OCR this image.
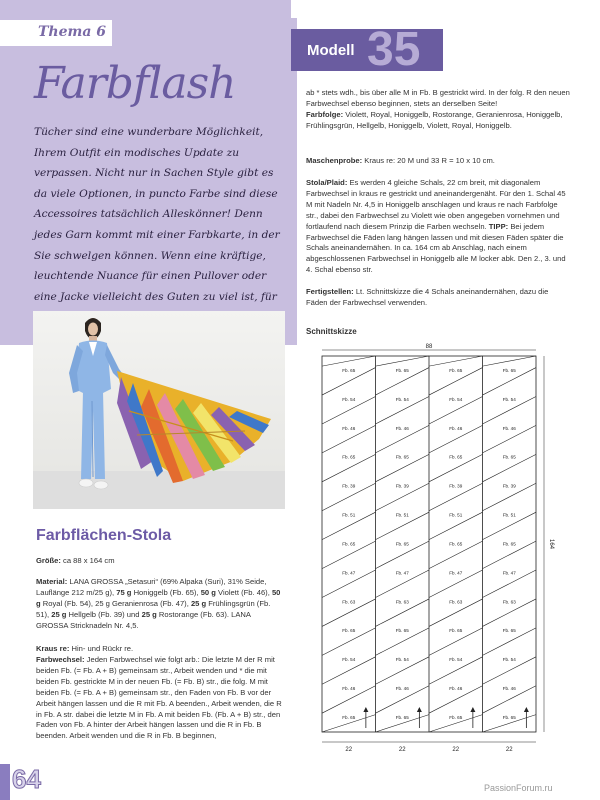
Thema 6
Farbflash
Tücher sind eine wunderbare Möglichkeit, Ihrem Outfit ein modisches Update zu verpassen. Nicht nur in Sachen Style gibt es da viele Optionen, in puncto Farbe sind diese Accessoires tatsächlich Alleskönner! Denn jedes Garn kommt mit einer Farbkarte, in der Sie schwelgen können. Wenn eine kräftige, leuchtende Nuance für einen Pullover oder eine Jacke vielleicht des Guten zu viel ist, für
Farbflächen-Stola
Größe: ca 88 x 164 cm
Material: LANA GROSSA „Setasuri“ (69% Alpaka (Suri), 31% Seide, Lauflänge 212 m/25 g), 75 g Honiggelb (Fb. 65), 50 g Violett (Fb. 46), 50 g Royal (Fb. 54), 25 g Geranienrosa (Fb. 47), 25 g Frühlingsgrün (Fb. 51), 25 g Hellgelb (Fb. 39) und 25 g Rostorange (Fb. 63). LANA GROSSA Stricknadeln Nr. 4,5.
Kraus re: Hin- und Rückr re.
Farbwechsel: Jeden Farbwechsel wie folgt arb.: Die letzte M der R mit beiden Fb. (= Fb. A + B) gemeinsam str., Arbeit wenden und * die mit beiden Fb. gestrickte M in der neuen Fb. (= Fb. B) str., die folg. M mit beiden Fb. (= Fb. A + B) gemeinsam str., den Faden von Fb. B vor der Arbeit hängen lassen und die R mit Fb. A beenden., Arbeit wenden, die R in Fb. A str. dabei die letzte M in Fb. A mit beiden Fb. (Fb. A + B) str., den Faden von Fb. A hinter der Arbeit hängen lassen und die R in Fb. B beenden. Arbeit wenden und die R in Fb. B beginnen,
64
Modell 35
ab * stets wdh., bis über alle M in Fb. B gestrickt wird. In der folg. R den neuen Farbwechsel ebenso beginnen, stets an derselben Seite!
Farbfolge: Violett, Royal, Honiggelb, Rostorange, Geranienrosa, Honiggelb, Frühlingsgrün, Hellgelb, Honiggelb, Violett, Royal, Honiggelb.
Maschenprobe: Kraus re: 20 M und 33 R = 10 x 10 cm.
Stola/Plaid: Es werden 4 gleiche Schals, 22 cm breit, mit diagonalem Farbwechsel in kraus re gestrickt und aneinandergenäht. Für den 1. Schal 45 M mit Nadeln Nr. 4,5 in Honiggelb anschlagen und kraus re nach Farbfolge str., dabei den Farbwechsel zu Violett wie oben angegeben vornehmen und fortlaufend nach diesem Prinzip die Farben wechseln. TIPP: Bei jedem Farbwechsel die Fäden lang hängen lassen und mit diesen Fäden später die Schals aneinandernähen. In ca. 164 cm ab Anschlag, nach einem abgeschlossenen Farbwechsel in Honiggelb alle M locker abk. Den 2., 3. und 4. Schal ebenso str.
Fertigstellen: Lt. Schnittskizze die 4 Schals aneinandernähen, dazu die Fäden der Farbwechsel verwenden.
Schnittskizze
Fb. 65
Fb. 54
Fb. 46
Fb. 65
Fb. 39
Fb. 51
Fb. 65
Fb. 47
Fb. 63
Fb. 65
Fb. 54
Fb. 46
Fb. 65
22
Fb. 65
Fb. 54
Fb. 46
Fb. 65
Fb. 39
Fb. 51
Fb. 65
Fb. 47
Fb. 63
Fb. 65
Fb. 54
Fb. 46
Fb. 65
22
Fb. 65
Fb. 54
Fb. 46
Fb. 65
Fb. 39
Fb. 51
Fb. 65
Fb. 47
Fb. 63
Fb. 65
Fb. 54
Fb. 46
Fb. 65
22
Fb. 65
Fb. 54
Fb. 46
Fb. 65
Fb. 39
Fb. 51
Fb. 65
Fb. 47
Fb. 63
Fb. 65
Fb. 54
Fb. 46
Fb. 65
22
88
164
PassionForum.ru
